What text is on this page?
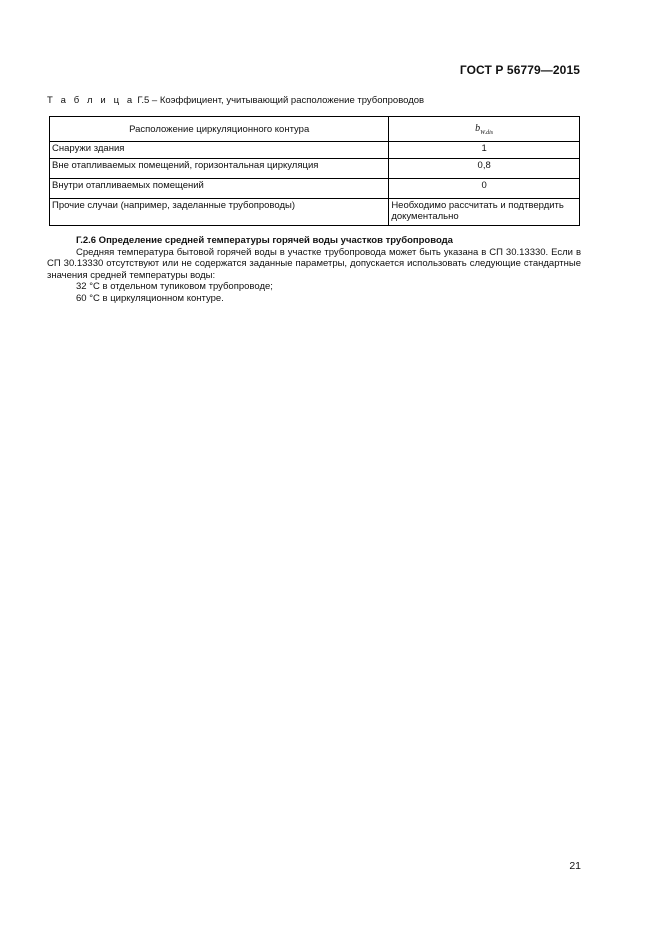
ГОСТ Р 56779—2015
Т а б л и ц а Г.5 – Коэффициент, учитывающий расположение трубопроводов
Расположение циркуляционного контура	$b_{W.dis}$
Снаружи здания	1
Вне отапливаемых помещений, горизонтальная циркуляция	0,8
Внутри отапливаемых помещений	0
Прочие случаи (например, заделанные трубопроводы)	Необходимо рассчитать и подтвердить документально

Г.2.6 Определение средней температуры горячей воды участков трубопровода

Средняя температура бытовой горячей воды в участке трубопровода может быть указана в СП 30.13330. Если в СП 30.13330 отсутствуют или не содержатся заданные параметры, допускается использовать следующие стандартные значения средней температуры воды:

32 °С в отдельном тупиковом трубопроводе;

60 °С в циркуляционном контуре.

21
